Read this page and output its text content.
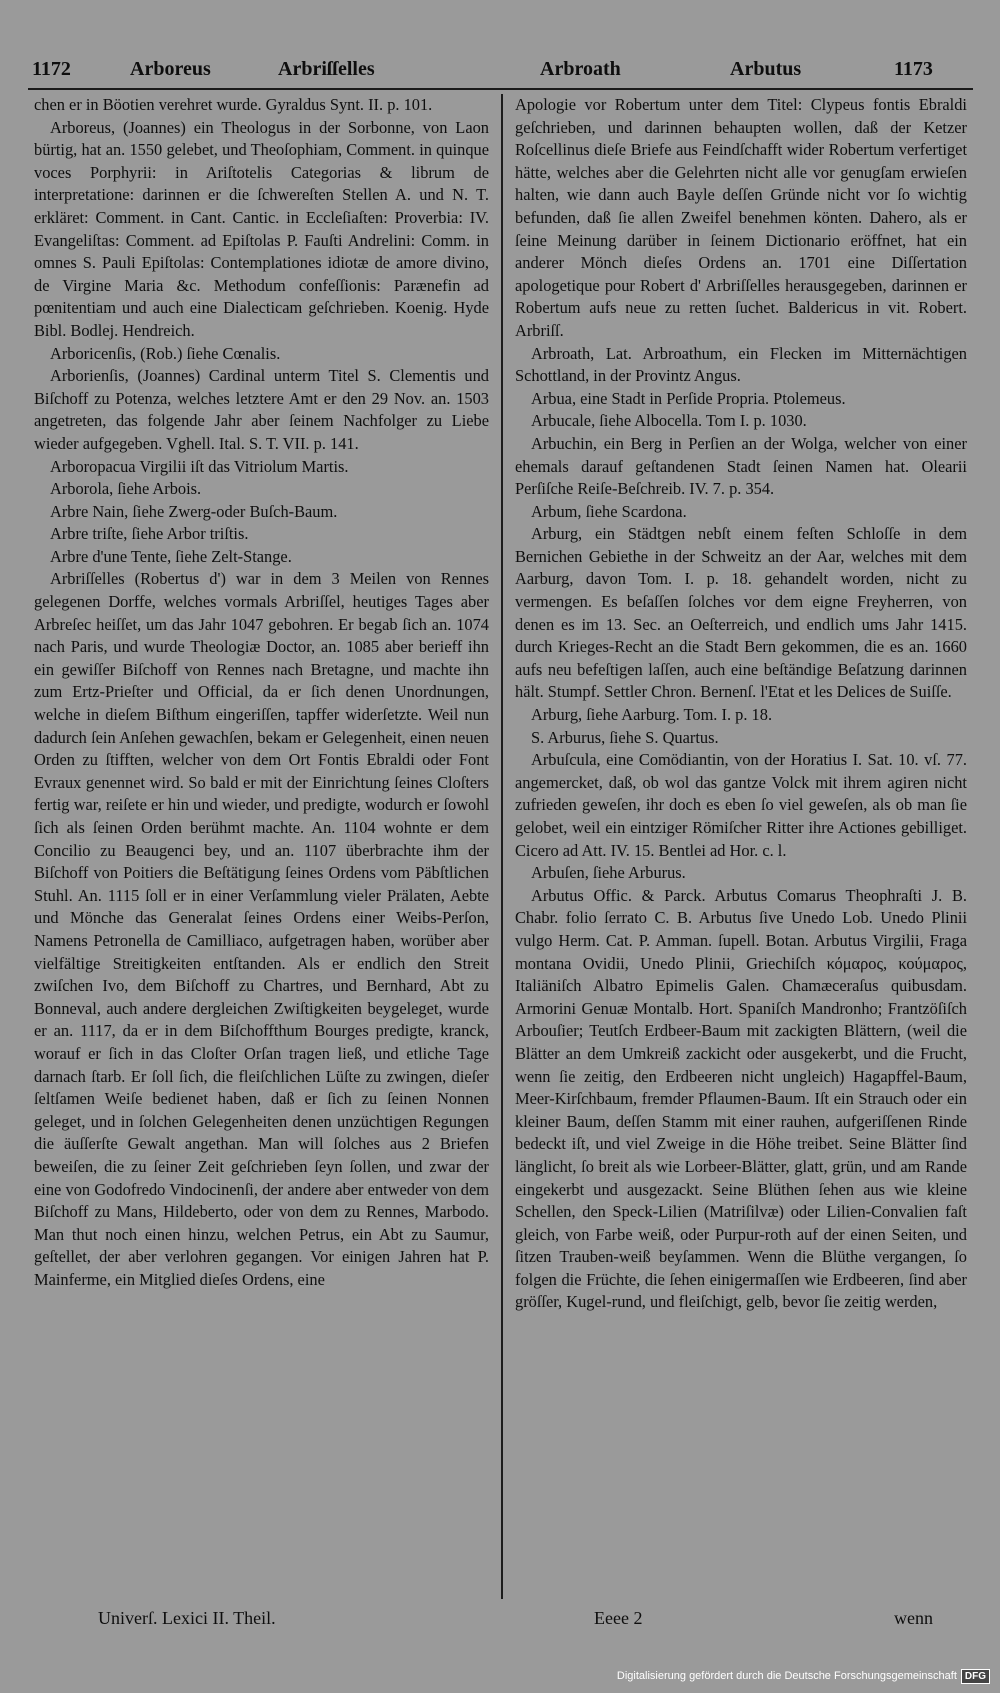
1172	Arboreus	Arbriſſelles	Arbroath	Arbutus	1173

chen er in Böotien verehret wurde. Gyraldus Synt. II. p. 101.

Arboreus, (Joannes) ein Theologus in der Sorbonne, von Laon bürtig, hat an. 1550 gelebet, und Theoſophiam, Comment. in quinque voces Porphyrii: in Ariſtotelis Categorias & librum de interpretatione: darinnen er die ſchwereſten Stellen A. und N. T. erkläret: Comment. in Cant. Cantic. in Eccleſiaſten: Proverbia: IV. Evangeliſtas: Comment. ad Epiſtolas P. Fauſti Andrelini: Comm. in omnes S. Pauli Epiſtolas: Contemplationes idiotæ de amore divino, de Virgine Maria &c. Methodum confeſſionis: Parænefin ad pœnitentiam und auch eine Dialecticam geſchrieben. Koenig. Hyde Bibl. Bodlej. Hendreich.

Arboricenſis, (Rob.) ſiehe Cœnalis.

Arborienſis, (Joannes) Cardinal unterm Titel S. Clementis und Biſchoff zu Potenza, welches letztere Amt er den 29 Nov. an. 1503 angetreten, das folgende Jahr aber ſeinem Nachfolger zu Liebe wieder aufgegeben. Vghell. Ital. S. T. VII. p. 141.

Arboropacua Virgilii iſt das Vitriolum Martis.

Arborola, ſiehe Arbois.

Arbre Nain, ſiehe Zwerg-oder Buſch-Baum.

Arbre triſte, ſiehe Arbor triſtis.

Arbre d'une Tente, ſiehe Zelt-Stange.

Arbriſſelles (Robertus d') war in dem 3 Meilen von Rennes gelegenen Dorffe, welches vormals Arbriſſel, heutiges Tages aber Arbreſec heiſſet, um das Jahr 1047 gebohren. Er begab ſich an. 1074 nach Paris, und wurde Theologiæ Doctor, an. 1085 aber berieff ihn ein gewiſſer Biſchoff von Rennes nach Bretagne, und machte ihn zum Ertz-Prieſter und Official, da er ſich denen Unordnungen, welche in dieſem Biſthum eingeriſſen, tapffer widerſetzte. Weil nun dadurch ſein Anſehen gewachſen, bekam er Gelegenheit, einen neuen Orden zu ſtifften, welcher von dem Ort Fontis Ebraldi oder Font Evraux genennet wird. So bald er mit der Einrichtung ſeines Cloſters fertig war, reiſete er hin und wieder, und predigte, wodurch er ſowohl ſich als ſeinen Orden berühmt machte. An. 1104 wohnte er dem Concilio zu Beaugenci bey, und an. 1107 überbrachte ihm der Biſchoff von Poitiers die Beſtätigung ſeines Ordens vom Päbſtlichen Stuhl. An. 1115 ſoll er in einer Verſammlung vieler Prälaten, Aebte und Mönche das Generalat ſeines Ordens einer Weibs-Perſon, Namens Petronella de Camilliaco, aufgetragen haben, worüber aber vielfältige Streitigkeiten entſtanden. Als er endlich den Streit zwiſchen Ivo, dem Biſchoff zu Chartres, und Bernhard, Abt zu Bonneval, auch andere dergleichen Zwiſtigkeiten beygeleget, wurde er an. 1117, da er in dem Biſchoffthum Bourges predigte, kranck, worauf er ſich in das Cloſter Orſan tragen ließ, und etliche Tage darnach ſtarb. Er ſoll ſich, die fleiſchlichen Lüſte zu zwingen, dieſer ſeltſamen Weiſe bedienet haben, daß er ſich zu ſeinen Nonnen geleget, und in ſolchen Gelegenheiten denen unzüchtigen Regungen die äuſſerſte Gewalt angethan. Man will ſolches aus 2 Briefen beweiſen, die zu ſeiner Zeit geſchrieben ſeyn ſollen, und zwar der eine von Godofredo Vindocinenſi, der andere aber entweder von dem Biſchoff zu Mans, Hildeberto, oder von dem zu Rennes, Marbodo. Man thut noch einen hinzu, welchen Petrus, ein Abt zu Saumur, geſtellet, der aber verlohren gegangen. Vor einigen Jahren hat P. Mainferme, ein Mitglied dieſes Ordens, eine

Apologie vor Robertum unter dem Titel: Clypeus fontis Ebraldi geſchrieben, und darinnen behaupten wollen, daß der Ketzer Roſcellinus dieſe Briefe aus Feindſchafft wider Robertum verfertiget hätte, welches aber die Gelehrten nicht alle vor genugſam erwieſen halten, wie dann auch Bayle deſſen Gründe nicht vor ſo wichtig befunden, daß ſie allen Zweifel benehmen könten. Dahero, als er ſeine Meinung darüber in ſeinem Dictionario eröffnet, hat ein anderer Mönch dieſes Ordens an. 1701 eine Diſſertation apologetique pour Robert d' Arbriſſelles herausgegeben, darinnen er Robertum aufs neue zu retten ſuchet. Baldericus in vit. Robert. Arbriſſ.

Arbroath, Lat. Arbroathum, ein Flecken im Mitternächtigen Schottland, in der Provintz Angus.

Arbua, eine Stadt in Perſide Propria. Ptolemeus.

Arbucale, ſiehe Albocella. Tom I. p. 1030.

Arbuchin, ein Berg in Perſien an der Wolga, welcher von einer ehemals darauf geſtandenen Stadt ſeinen Namen hat. Olearii Perſiſche Reiſe-Beſchreib. IV. 7. p. 354.

Arbum, ſiehe Scardona.

Arburg, ein Städtgen nebſt einem feſten Schloſſe in dem Bernichen Gebiethe in der Schweitz an der Aar, welches mit dem Aarburg, davon Tom. I. p. 18. gehandelt worden, nicht zu vermengen. Es beſaſſen ſolches vor dem eigne Freyherren, von denen es im 13. Sec. an Oeſterreich, und endlich ums Jahr 1415. durch Krieges-Recht an die Stadt Bern gekommen, die es an. 1660 aufs neu befeſtigen laſſen, auch eine beſtändige Beſatzung darinnen hält. Stumpf. Settler Chron. Bernenſ. l'Etat et les Delices de Suiſſe.

Arburg, ſiehe Aarburg. Tom. I. p. 18.

S. Arburus, ſiehe S. Quartus.

Arbuſcula, eine Comödiantin, von der Horatius I. Sat. 10. vſ. 77. angemercket, daß, ob wol das gantze Volck mit ihrem agiren nicht zufrieden geweſen, ihr doch es eben ſo viel geweſen, als ob man ſie gelobet, weil ein eintziger Römiſcher Ritter ihre Actiones gebilliget. Cicero ad Att. IV. 15. Bentlei ad Hor. c. l.

Arbuſen, ſiehe Arburus.

Arbutus Offic. & Parck. Arbutus Comarus Theophraſti J. B. Chabr. folio ſerrato C. B. Arbutus ſive Unedo Lob. Unedo Plinii vulgo Herm. Cat. P. Amman. ſupell. Botan. Arbutus Virgilii, Fraga montana Ovidii, Unedo Plinii, Griechiſch κόμαρος, κούμαρος, Italiäniſch Albatro Epimelis Galen. Chamæceraſus quibusdam. Armorini Genuæ Montalb. Hort. Spaniſch Mandronho; Frantzöſiſch Arbouſier; Teutſch Erdbeer-Baum mit zackigten Blättern, (weil die Blätter an dem Umkreiß zackicht oder ausgekerbt, und die Frucht, wenn ſie zeitig, den Erdbeeren nicht ungleich) Hagapffel-Baum, Meer-Kirſchbaum, fremder Pflaumen-Baum. Iſt ein Strauch oder ein kleiner Baum, deſſen Stamm mit einer rauhen, aufgeriſſenen Rinde bedeckt iſt, und viel Zweige in die Höhe treibet. Seine Blätter ſind länglicht, ſo breit als wie Lorbeer-Blätter, glatt, grün, und am Rande eingekerbt und ausgezackt. Seine Blüthen ſehen aus wie kleine Schellen, den Speck-Lilien (Matriſilvæ) oder Lilien-Convalien faſt gleich, von Farbe weiß, oder Purpur-roth auf der einen Seiten, und ſitzen Trauben-weiß beyſammen. Wenn die Blüthe vergangen, ſo folgen die Früchte, die ſehen einigermaſſen wie Erdbeeren, ſind aber gröſſer, Kugel-rund, und fleiſchigt, gelb, bevor ſie zeitig werden,

Univerſ. Lexici II. Theil.	Eeee 2	wenn
Digitalisierung gefördert durch die Deutsche Forschungsgemeinschaft DFG
